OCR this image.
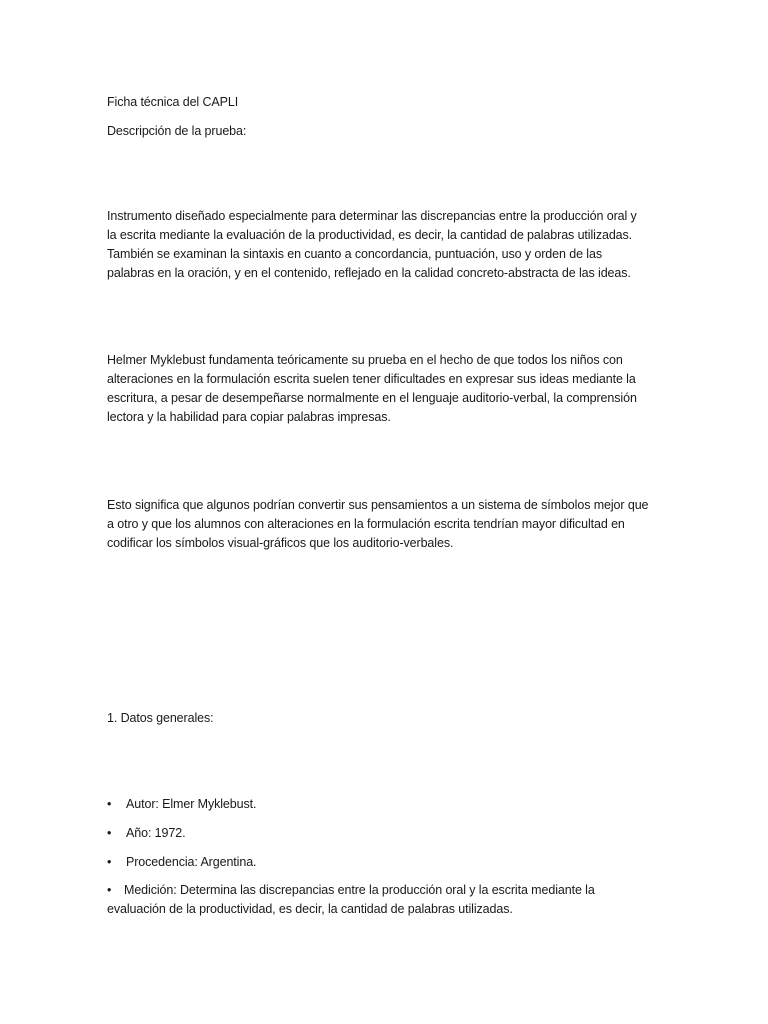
Ficha técnica del CAPLI

Descripción de la prueba:

Instrumento diseñado especialmente para determinar las discrepancias entre la producción oral y
la escrita mediante la evaluación de la productividad, es decir, la cantidad de palabras utilizadas.
También se examinan la sintaxis en cuanto a concordancia, puntuación, uso y orden de las
palabras en la oración, y en el contenido, reflejado en la calidad concreto-abstracta de las ideas.
Helmer Myklebust fundamenta teóricamente su prueba en el hecho de que todos los niños con
alteraciones en la formulación escrita suelen tener dificultades en expresar sus ideas mediante la
escritura, a pesar de desempeñarse normalmente en el lenguaje auditorio-verbal, la comprensión
lectora y la habilidad para copiar palabras impresas.
Esto significa que algunos podrían convertir sus pensamientos a un sistema de símbolos mejor que
a otro y que los alumnos con alteraciones en la formulación escrita tendrían mayor dificultad en
codificar los símbolos visual-gráficos que los auditorio-verbales.

1. Datos generales:

• Autor: Elmer Myklebust.

• Año: 1972.

• Procedencia: Argentina.

• Medición: Determina las discrepancias entre la producción oral y la escrita mediante la
evaluación de la productividad, es decir, la cantidad de palabras utilizadas.
